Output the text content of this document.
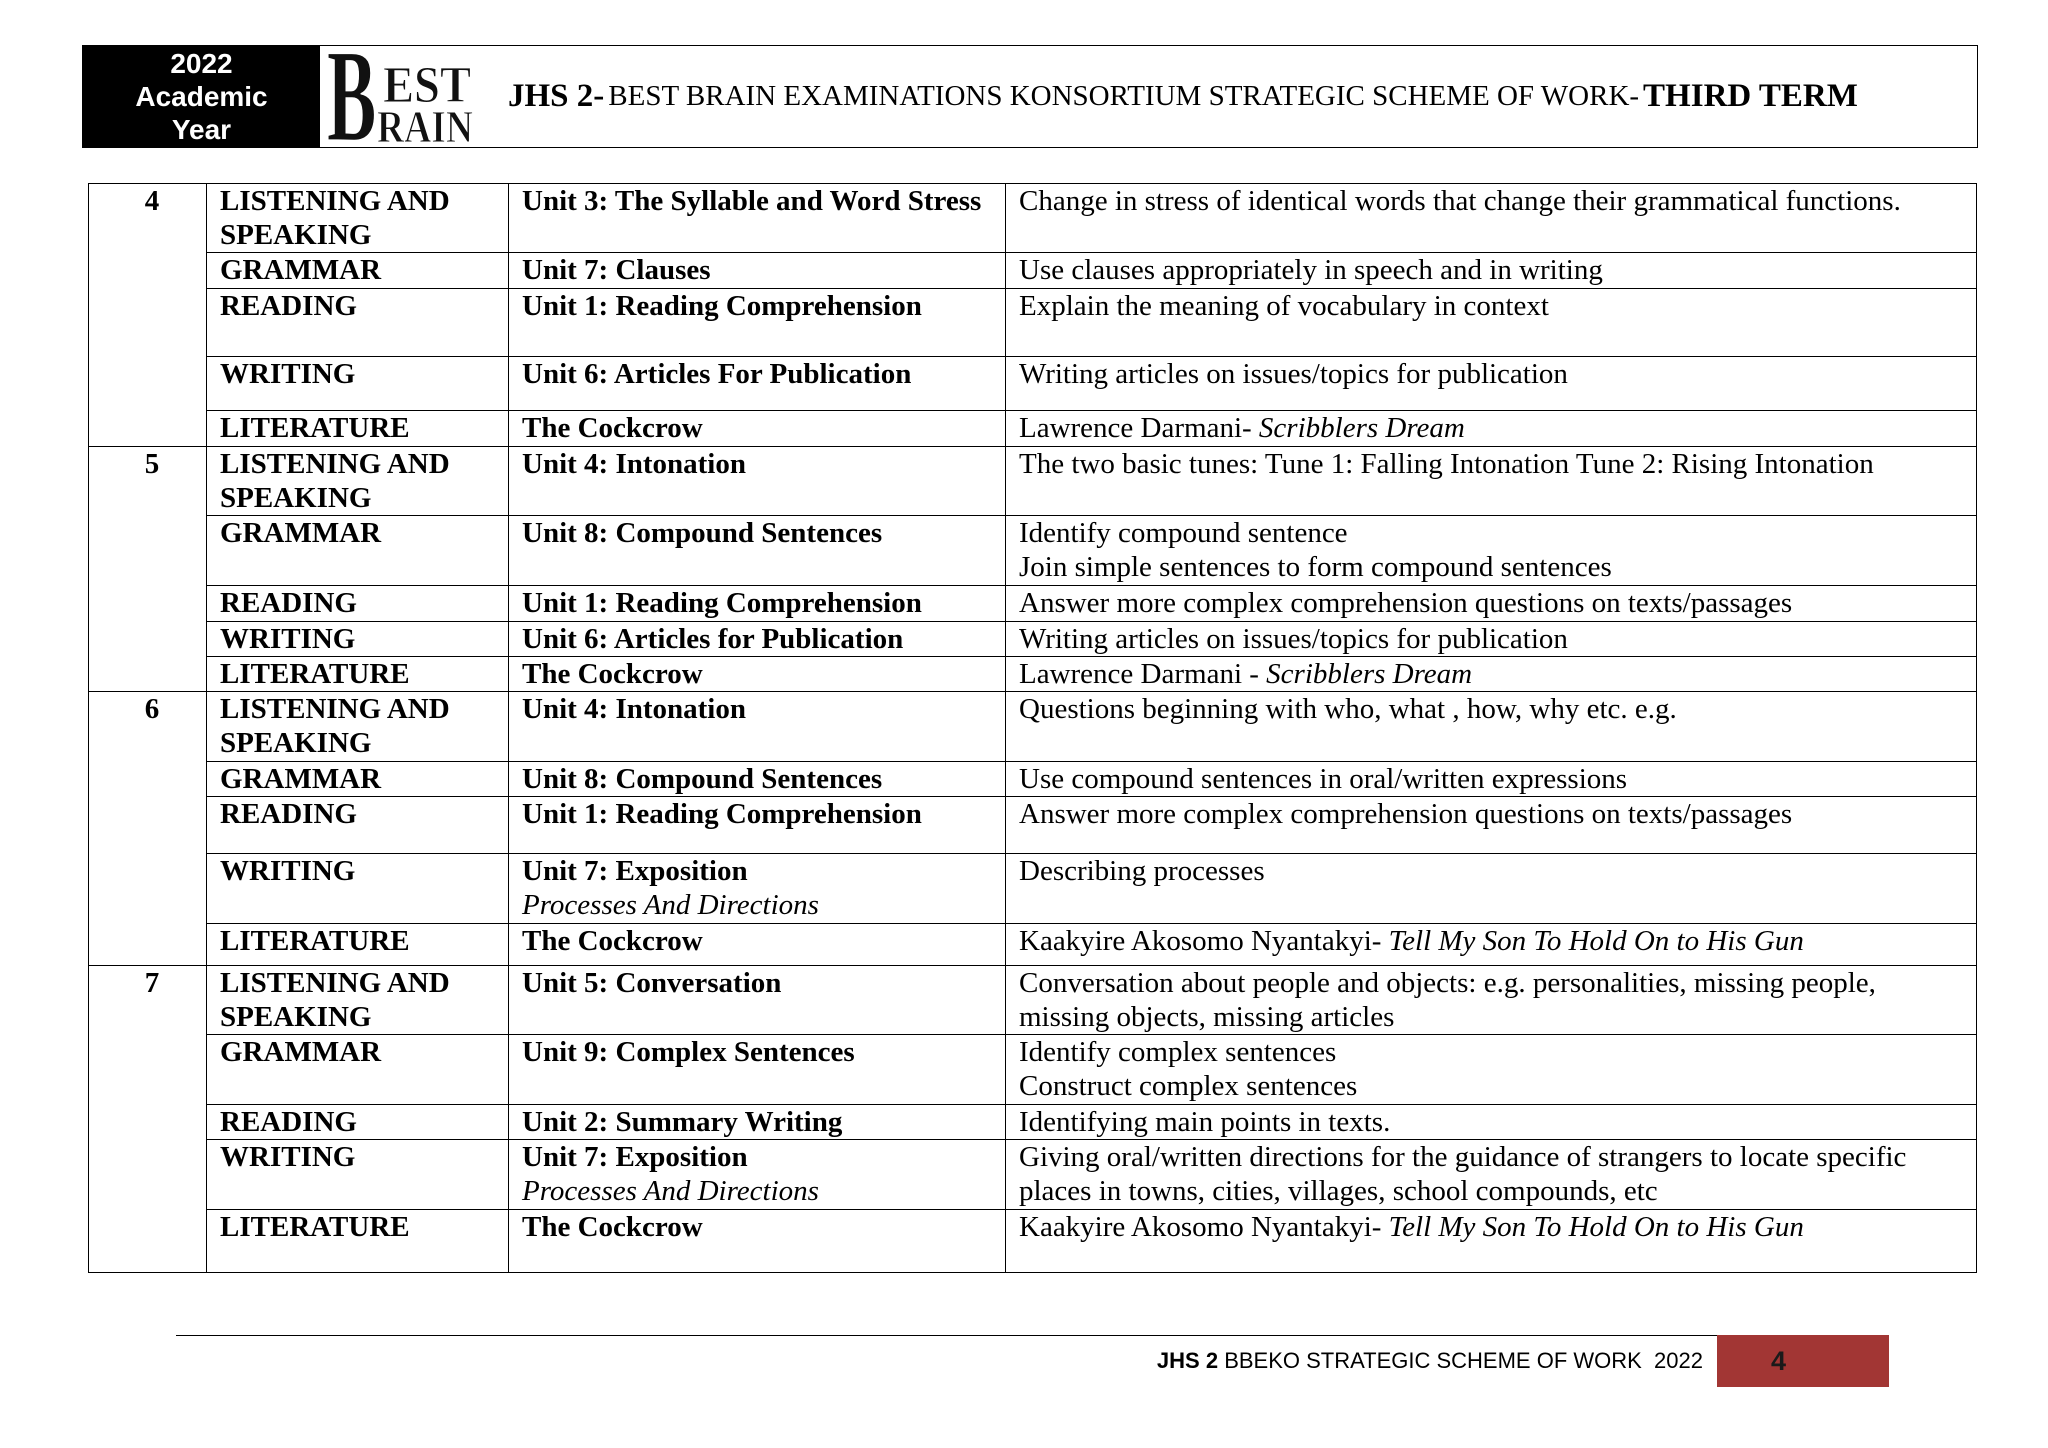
2022
Academic
Year B EST
RAIN
JHS 2-
BEST BRAIN EXAMINATIONS KONSORTIUM STRATEGIC SCHEME OF WORK-
THIRD TERM
4	LISTENING AND SPEAKING	Unit 3: The Syllable and Word Stress	Change in stress of identical words that change their grammatical functions.

	GRAMMAR	Unit 7: Clauses	Use clauses appropriately in speech and in writing

	READING	Unit 1: Reading Comprehension	Explain the meaning of vocabulary in context

	WRITING	Unit 6: Articles For Publication	Writing articles on issues/topics for publication

	LITERATURE	The Cockcrow	Lawrence Darmani- Scribblers Dream

5	LISTENING AND SPEAKING	Unit 4: Intonation	The two basic tunes: Tune 1: Falling Intonation Tune 2: Rising Intonation

	GRAMMAR	Unit 8: Compound Sentences	Identify compound sentence
Join simple sentences to form compound sentences

	READING	Unit 1: Reading Comprehension	Answer more complex comprehension questions on texts/passages

	WRITING	Unit 6: Articles for Publication	Writing articles on issues/topics for publication

	LITERATURE	The Cockcrow	Lawrence Darmani - Scribblers Dream

6	LISTENING AND SPEAKING	Unit 4: Intonation	Questions beginning with who, what , how, why etc. e.g.

	GRAMMAR	Unit 8: Compound Sentences	Use compound sentences in oral/written expressions

	READING	Unit 1: Reading Comprehension	Answer more complex comprehension questions on texts/passages

	WRITING	Unit 7: Exposition
Processes And Directions	Describing processes

	LITERATURE	The Cockcrow	Kaakyire Akosomo Nyantakyi- Tell My Son To Hold On to His Gun

7	LISTENING AND SPEAKING	Unit 5: Conversation	Conversation about people and objects: e.g. personalities, missing people,
missing objects, missing articles

	GRAMMAR	Unit 9: Complex Sentences	Identify complex sentences
Construct complex sentences

	READING	Unit 2: Summary Writing	Identifying main points in texts.

	WRITING	Unit 7: Exposition
Processes And Directions	Giving oral/written directions for the guidance of strangers to locate specific
places in towns, cities, villages, school compounds, etc

	LITERATURE	The Cockcrow	Kaakyire Akosomo Nyantakyi- Tell My Son To Hold On to His Gun
JHS 2 BBEKO STRATEGIC SCHEME OF WORK  2022	4
